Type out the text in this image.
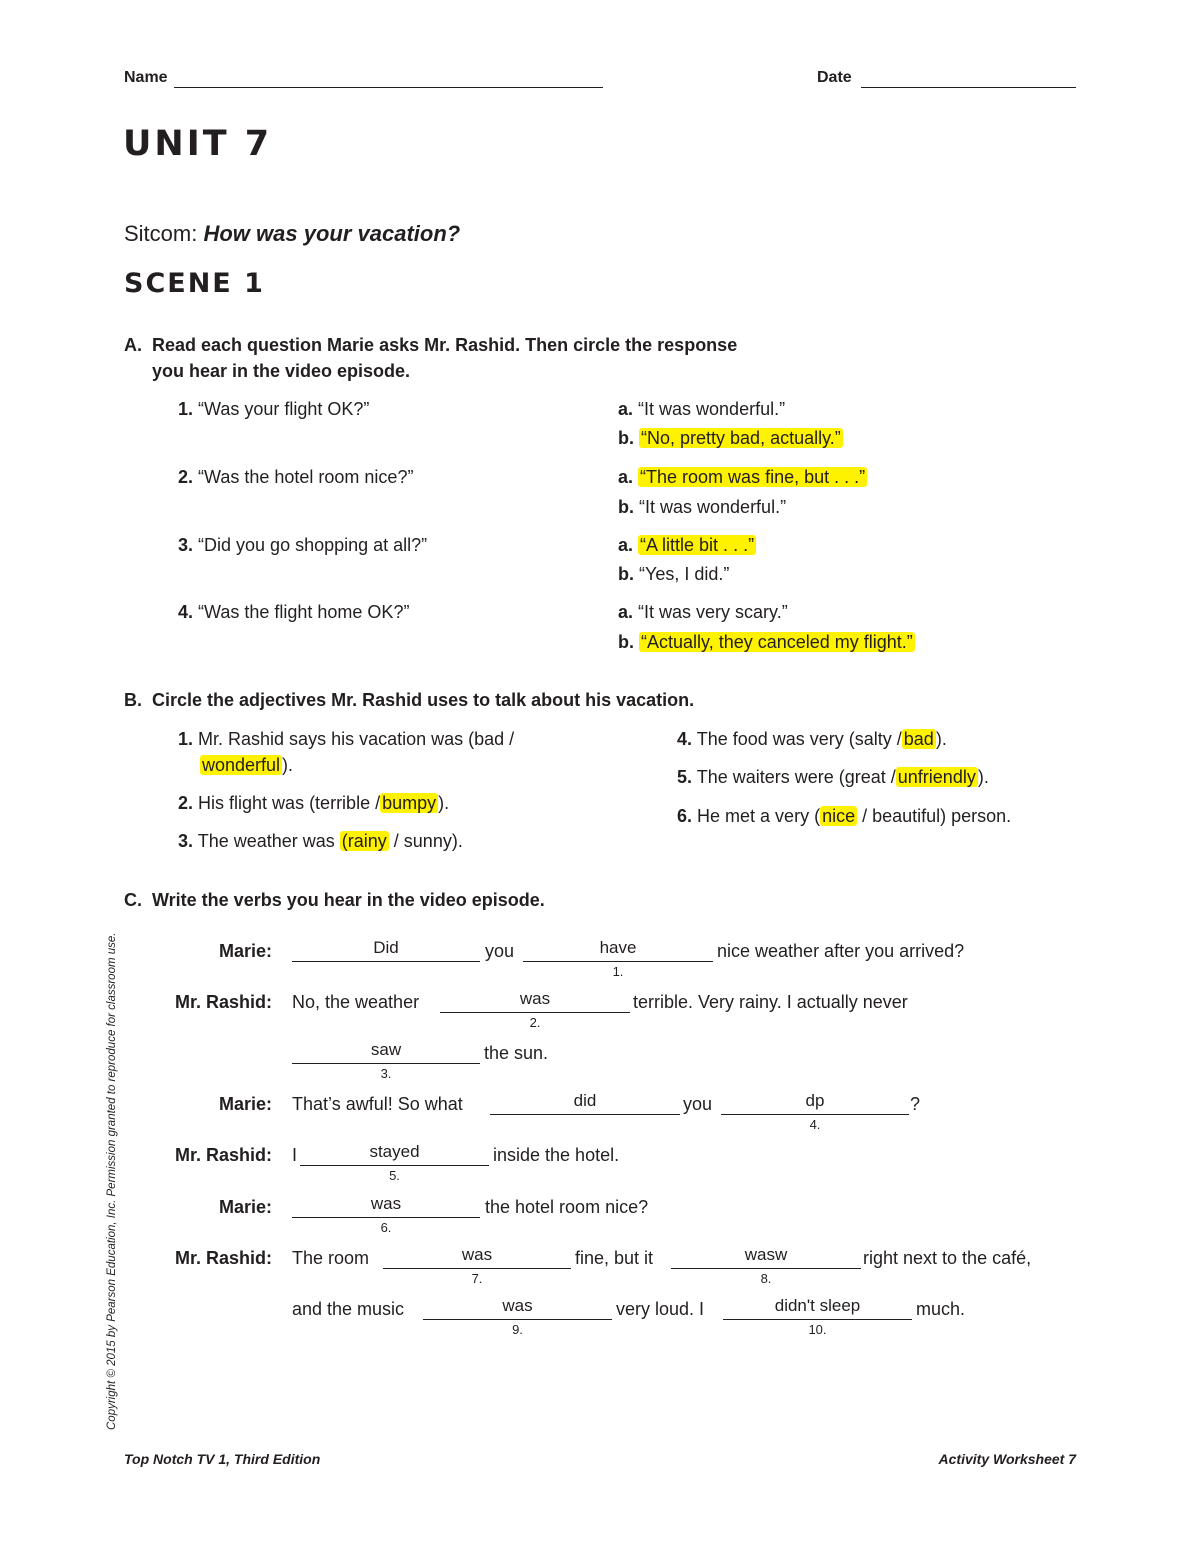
Name	Date
UNIT 7
Sitcom: How was your vacation?
SCENE 1
A. Read each question Marie asks Mr. Rashid. Then circle the response
you hear in the video episode.
1. “Was your flight OK?”	a. “It was wonderful.”
b. “No, pretty bad, actually.”
2. “Was the hotel room nice?”	a. “The room was fine, but . . .”
b. “It was wonderful.”
3. “Did you go shopping at all?”	a. “A little bit . . .”
b. “Yes, I did.”
4. “Was the flight home OK?”	a. “It was very scary.”
b. “Actually, they canceled my flight.”
B. Circle the adjectives Mr. Rashid uses to talk about his vacation.
1. Mr. Rashid says his vacation was (bad /
wonderful ).
2. His flight was (terrible / bumpy ).
3. The weather was (rainy / sunny).
4. The food was very (salty / bad ).
5. The waiters were (great / unfriendly ).
6. He met a very ( nice / beautiful) person.
C. Write the verbs you hear in the video episode.
Marie:	Did	you	have
1.
nice weather after you arrived?
Mr. Rashid: No, the weather	was
2.
terrible. Very rainy. I actually never
saw
3.
the sun.
Marie: That’s awful! So what	did	you	dp
4.
?
Mr. Rashid: I	stayed
5.
inside the hotel.
Marie:	was
6.
the hotel room nice?
Mr. Rashid: The room	was
7.
fine, but it	wasw
8.
right next to the café,
and the music	was
9.
very loud. I	didn't sleep
10.
much.
Copyright © 2015 by Pearson Education, Inc. Permission granted to reproduce for classroom use.
Top Notch TV 1, Third Edition	Activity Worksheet 7
